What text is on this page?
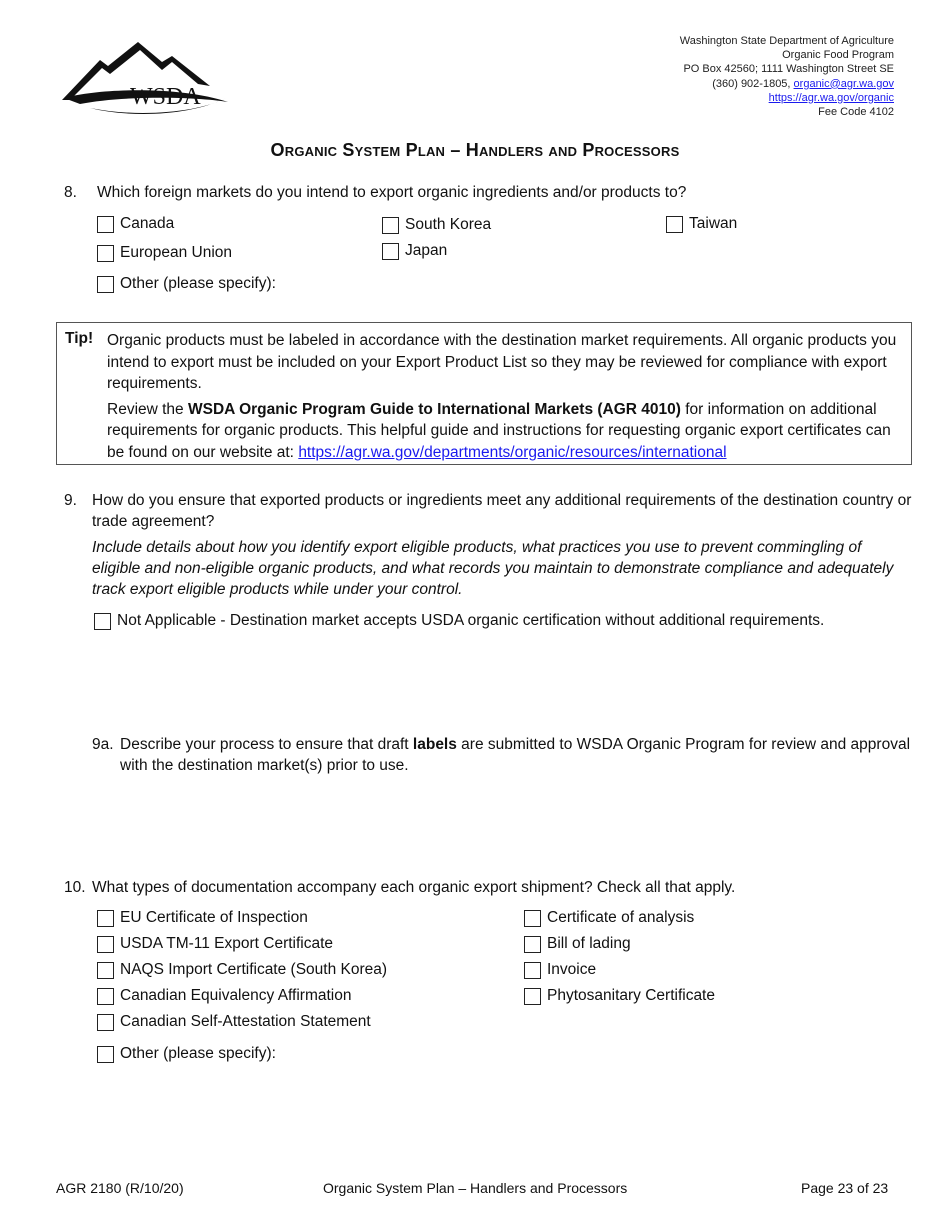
WSDA
Washington State Department of Agriculture
Organic Food Program
PO Box 42560; 1111 Washington Street SE
(360) 902-1805, organic@agr.wa.gov
https://agr.wa.gov/organic
Fee Code 4102
Organic System Plan – Handlers and Processors
8. Which foreign markets do you intend to export organic ingredients and/or products to?
Canada
European Union
Other (please specify):
South Korea
Japan
Taiwan
Tip! Organic products must be labeled in accordance with the destination market requirements. All organic products you intend to export must be included on your Export Product List so they may be reviewed for compliance with export requirements.

Review the WSDA Organic Program Guide to International Markets (AGR 4010) for information on additional requirements for organic products. This helpful guide and instructions for requesting organic export certificates can be found on our website at: https://agr.wa.gov/departments/organic/resources/international

9. How do you ensure that exported products or ingredients meet any additional requirements of the destination country or trade agreement?
Include details about how you identify export eligible products, what practices you use to prevent commingling of eligible and non-eligible organic products, and what records you maintain to demonstrate compliance and adequately track export eligible products while under your control.
Not Applicable - Destination market accepts USDA organic certification without additional requirements.
9a. Describe your process to ensure that draft labels are submitted to WSDA Organic Program for review and approval with the destination market(s) prior to use.
10. What types of documentation accompany each organic export shipment? Check all that apply.
EU Certificate of Inspection
USDA TM-11 Export Certificate
NAQS Import Certificate (South Korea)
Canadian Equivalency Affirmation
Canadian Self-Attestation Statement
Other (please specify):
Certificate of analysis
Bill of lading
Invoice
Phytosanitary Certificate
AGR 2180 (R/10/20)	Organic System Plan – Handlers and Processors	Page 23 of 23
